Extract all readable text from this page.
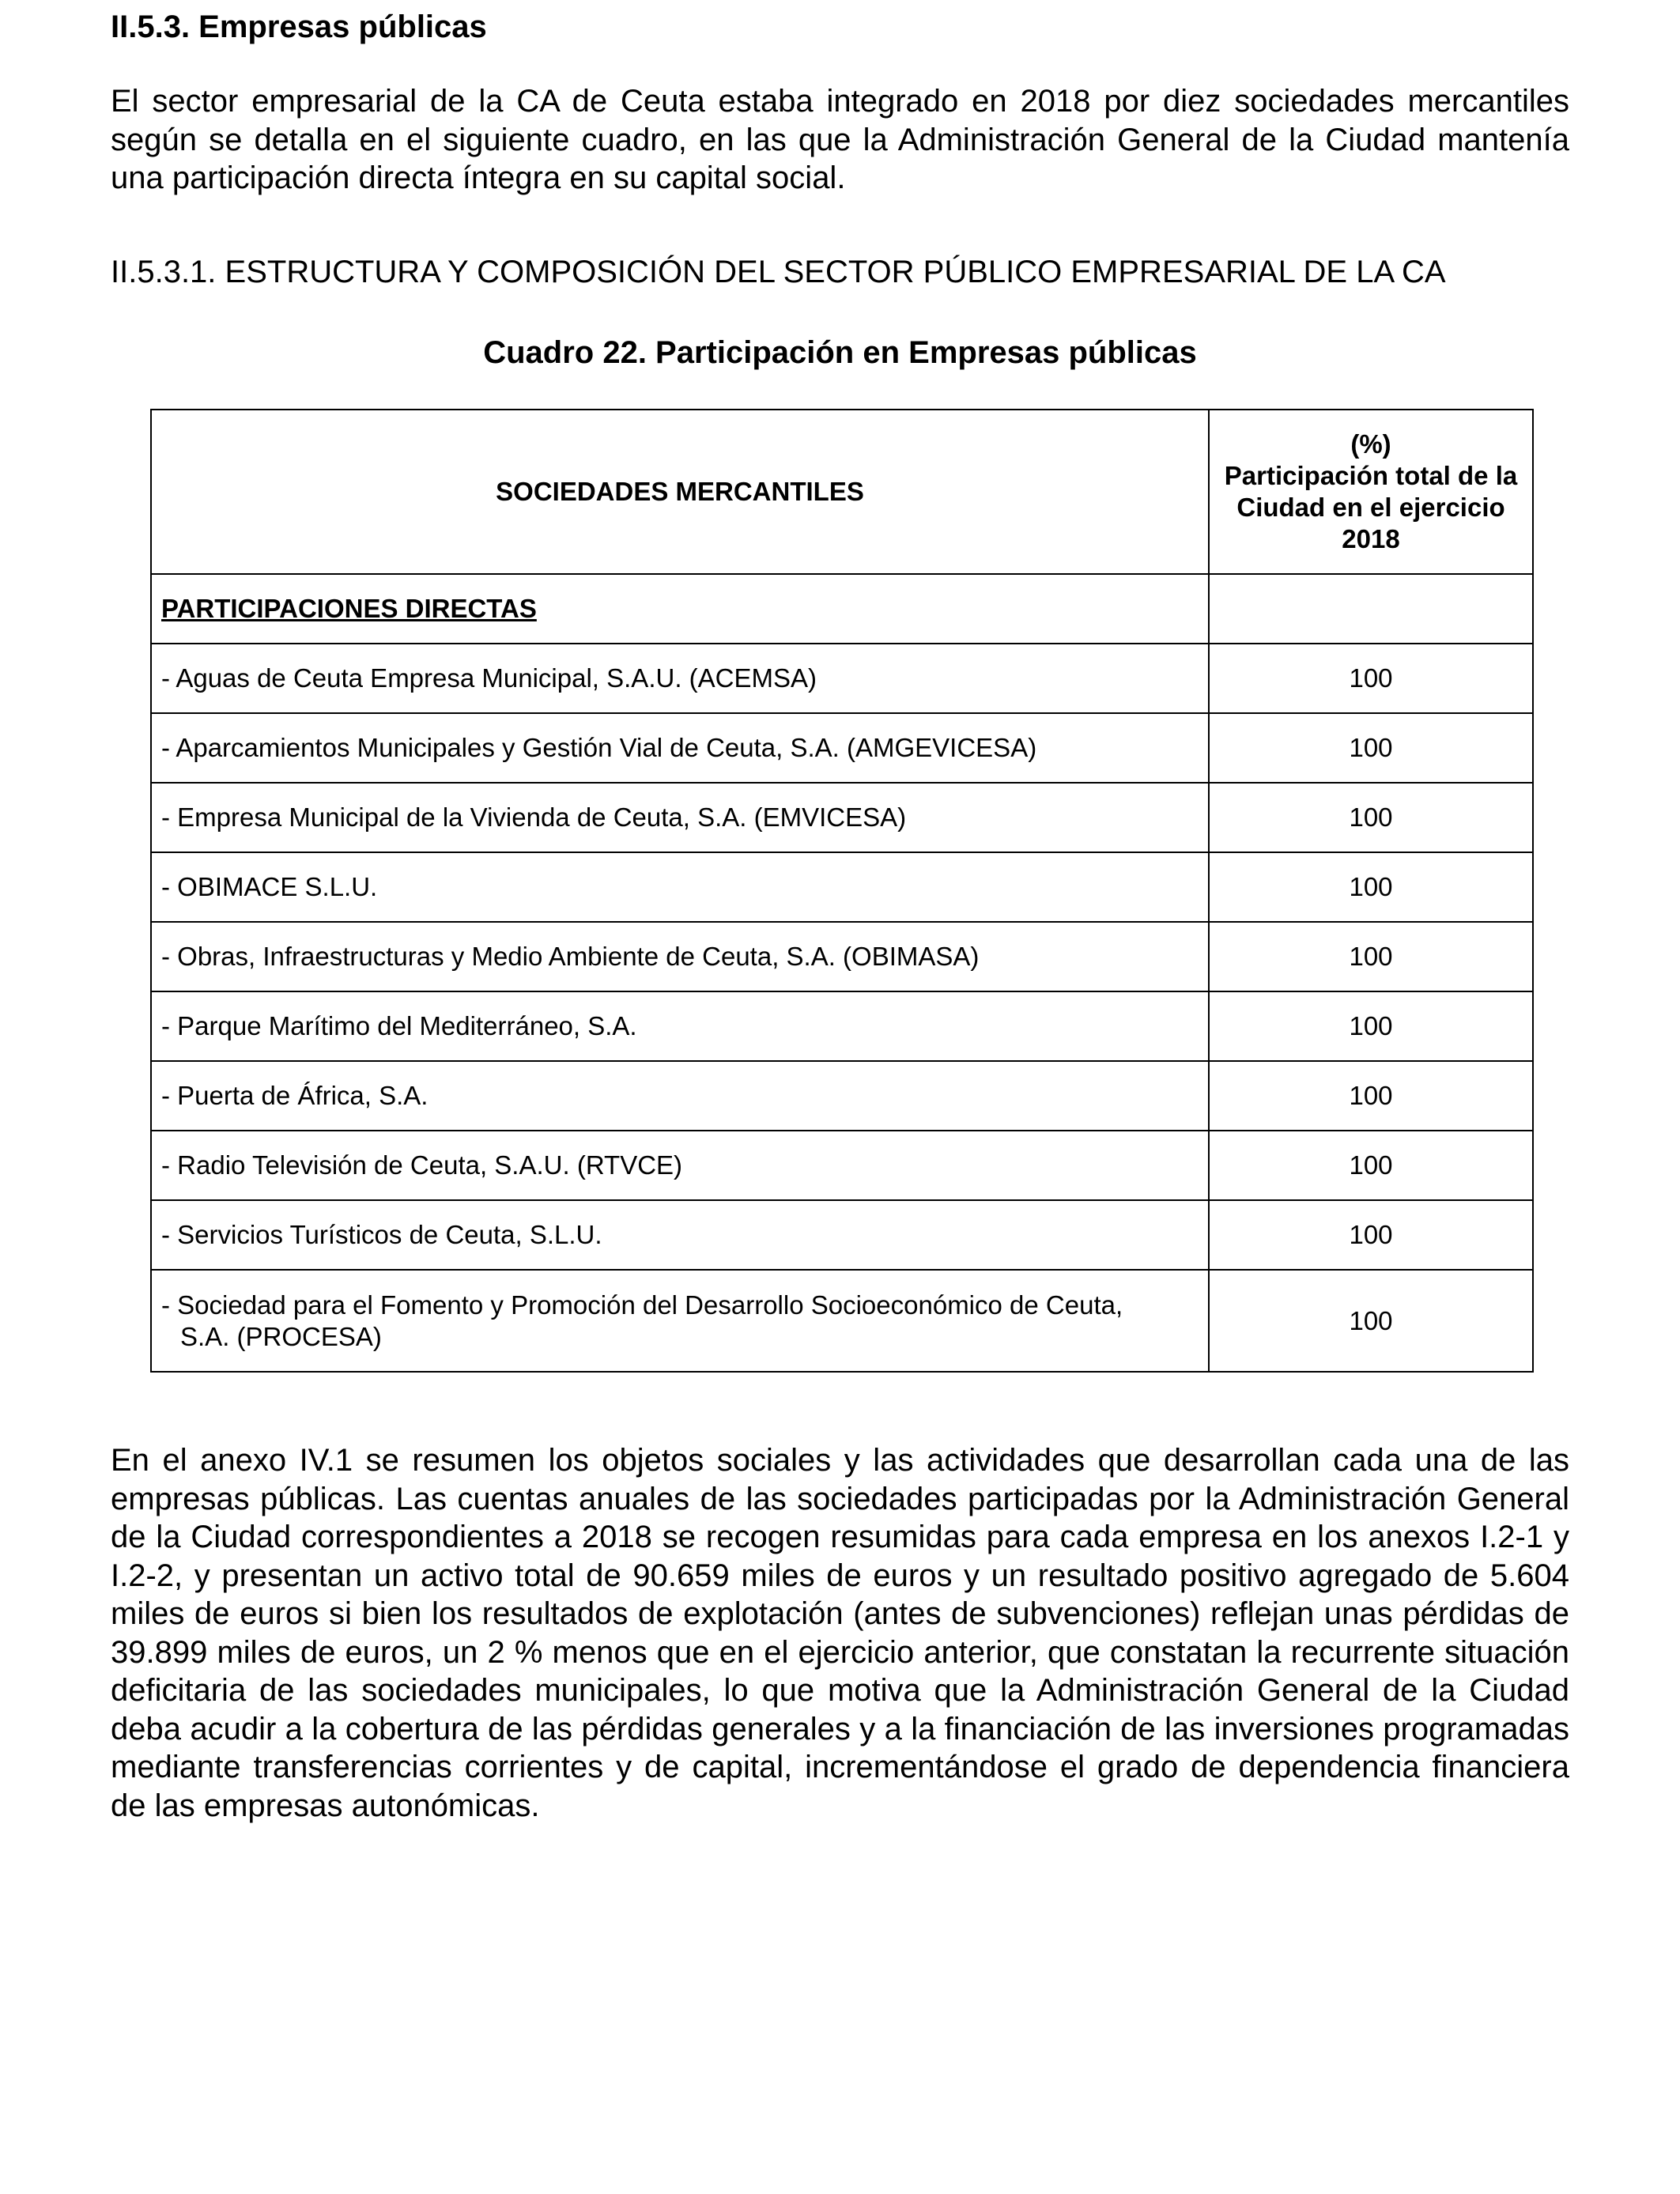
II.5.3. Empresas públicas

El sector empresarial de la CA de Ceuta estaba integrado en 2018 por diez sociedades mercantiles según se detalla en el siguiente cuadro, en las que la Administración General de la Ciudad mantenía una participación directa íntegra en su capital social.

II.5.3.1. ESTRUCTURA Y COMPOSICIÓN DEL SECTOR PÚBLICO EMPRESARIAL DE LA CA

Cuadro 22. Participación en Empresas públicas

SOCIEDADES MERCANTILES	(%)
Participación total de la Ciudad en el ejercicio 2018

PARTICIPACIONES DIRECTAS	
- Aguas de Ceuta Empresa Municipal, S.A.U. (ACEMSA)	100
- Aparcamientos Municipales y Gestión Vial de Ceuta, S.A. (AMGEVICESA)	100
- Empresa Municipal de la Vivienda de Ceuta, S.A. (EMVICESA)	100
- OBIMACE S.L.U.	100
- Obras, Infraestructuras y Medio Ambiente de Ceuta, S.A. (OBIMASA)	100
- Parque Marítimo del Mediterráneo, S.A.	100
- Puerta de África, S.A.	100
- Radio Televisión de Ceuta, S.A.U. (RTVCE)	100
- Servicios Turísticos de Ceuta, S.L.U.	100
- Sociedad para el Fomento y Promoción del Desarrollo Socioeconómico de Ceuta,
S.A. (PROCESA)	100

En el anexo IV.1 se resumen los objetos sociales y las actividades que desarrollan cada una de las empresas públicas. Las cuentas anuales de las sociedades participadas por la Administración General de la Ciudad correspondientes a 2018 se recogen resumidas para cada empresa en los anexos I.2-1 y I.2-2, y presentan un activo total de 90.659 miles de euros y un resultado positivo agregado de 5.604 miles de euros si bien los resultados de explotación (antes de subvenciones) reflejan unas pérdidas de 39.899 miles de euros, un 2 % menos que en el ejercicio anterior, que constatan la recurrente situación deficitaria de las sociedades municipales, lo que motiva que la Administración General de la Ciudad deba acudir a la cobertura de las pérdidas generales y a la financiación de las inversiones programadas mediante transferencias corrientes y de capital, incrementándose el grado de dependencia financiera de las empresas autonómicas.
